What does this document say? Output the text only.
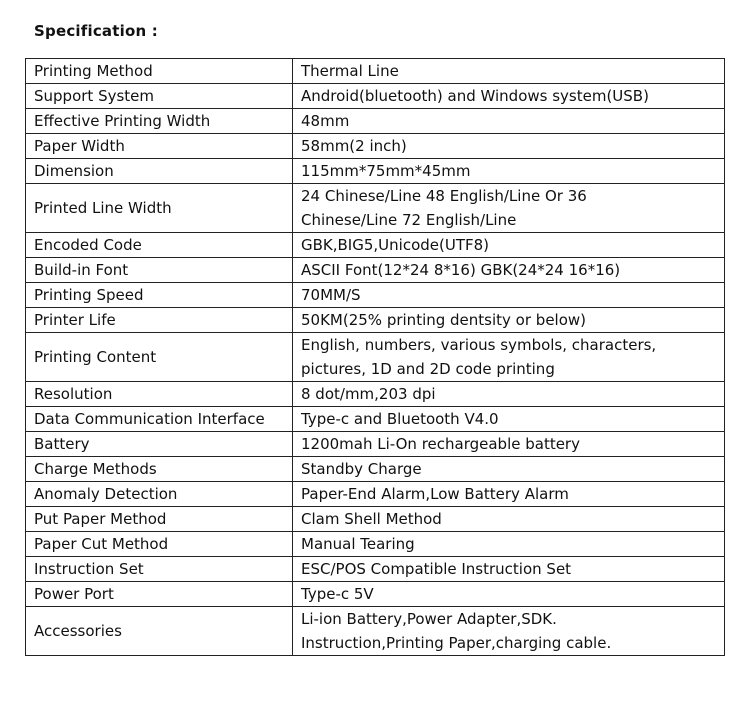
Specification :
Printing Method	Thermal Line

Support System	Android(bluetooth) and Windows system(USB)

Effective Printing Width	48mm

Paper Width	58mm(2 inch)

Dimension	115mm*75mm*45mm

Printed Line Width	24 Chinese/Line 48 English/Line Or 36
Chinese/Line 72 English/Line

Encoded Code	GBK,BIG5,Unicode(UTF8)

Build-in Font	ASCII Font(12*24 8*16) GBK(24*24 16*16)

Printing Speed	70MM/S

Printer Life	50KM(25% printing dentsity or below)

Printing Content	English, numbers, various symbols, characters,
pictures, 1D and 2D code printing

Resolution	8 dot/mm,203 dpi

Data Communication Interface	Type-c and Bluetooth V4.0

Battery	1200mah Li-On rechargeable battery

Charge Methods	Standby Charge

Anomaly Detection	Paper-End Alarm,Low Battery Alarm

Put Paper Method	Clam Shell Method

Paper Cut Method	Manual Tearing

Instruction Set	ESC/POS Compatible Instruction Set

Power Port	Type-c 5V

Accessories	Li-ion Battery,Power Adapter,SDK.
Instruction,Printing Paper,charging cable.
